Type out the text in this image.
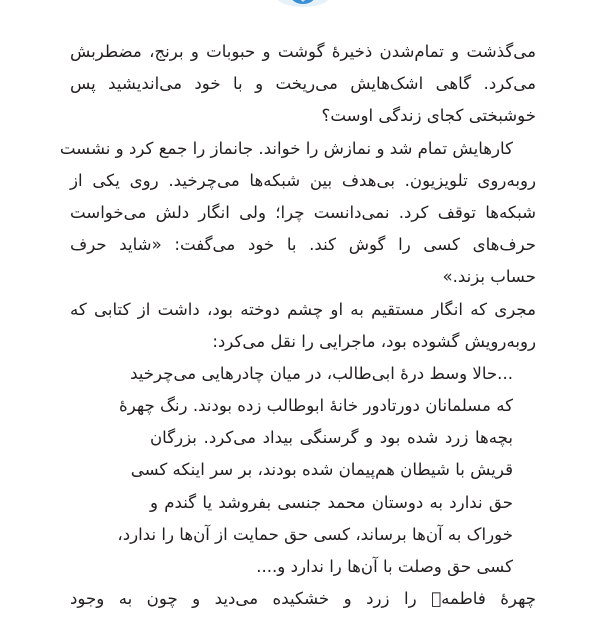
می‌گذشت و تمام‌شدن ذخیرهٔ گوشت و حبوبات و برنج، مضطربش
می‌کرد. گاهی اشک‌هایش می‌ریخت و با خود می‌اندیشید پس
خوشبختی کجای زندگی اوست؟
کارهایش تمام شد و نمازش را خواند. جانماز را جمع کرد و نشست
روبه‌روی تلویزیون. بی‌هدف بین شبکه‌ها می‌چرخید. روی یکی از
شبکه‌ها توقف کرد. نمی‌دانست چرا؛ ولی انگار دلش می‌خواست
حرف‌های کسی را گوش کند. با خود می‌گفت: «شاید حرف
حساب بزند.»
مجری که انگار مستقیم به او چشم دوخته بود، داشت از کتابی که
روبه‌رویش گشوده بود، ماجرایی را نقل می‌کرد:
...حالا وسط درهٔ ابی‌طالب، در میان چادرهایی می‌چرخید
که مسلمانان دورتادور خانهٔ ابوطالب زده بودند. رنگ چهرهٔ
بچه‌ها زرد شده بود و گرسنگی بیداد می‌کرد. بزرگان
قریش با شیطان هم‌پیمان شده بودند، بر سر اینکه کسی
حق ندارد به دوستان محمد جنسی بفروشد یا گندم و
خوراک به آن‌ها برساند، کسی حق حمایت از آن‌ها را ندارد،
کسی حق وصلت با آن‌ها را ندارد و....
چهرهٔ فاطمه﷤ را زرد و خشکیده می‌دید و چون به وجود
